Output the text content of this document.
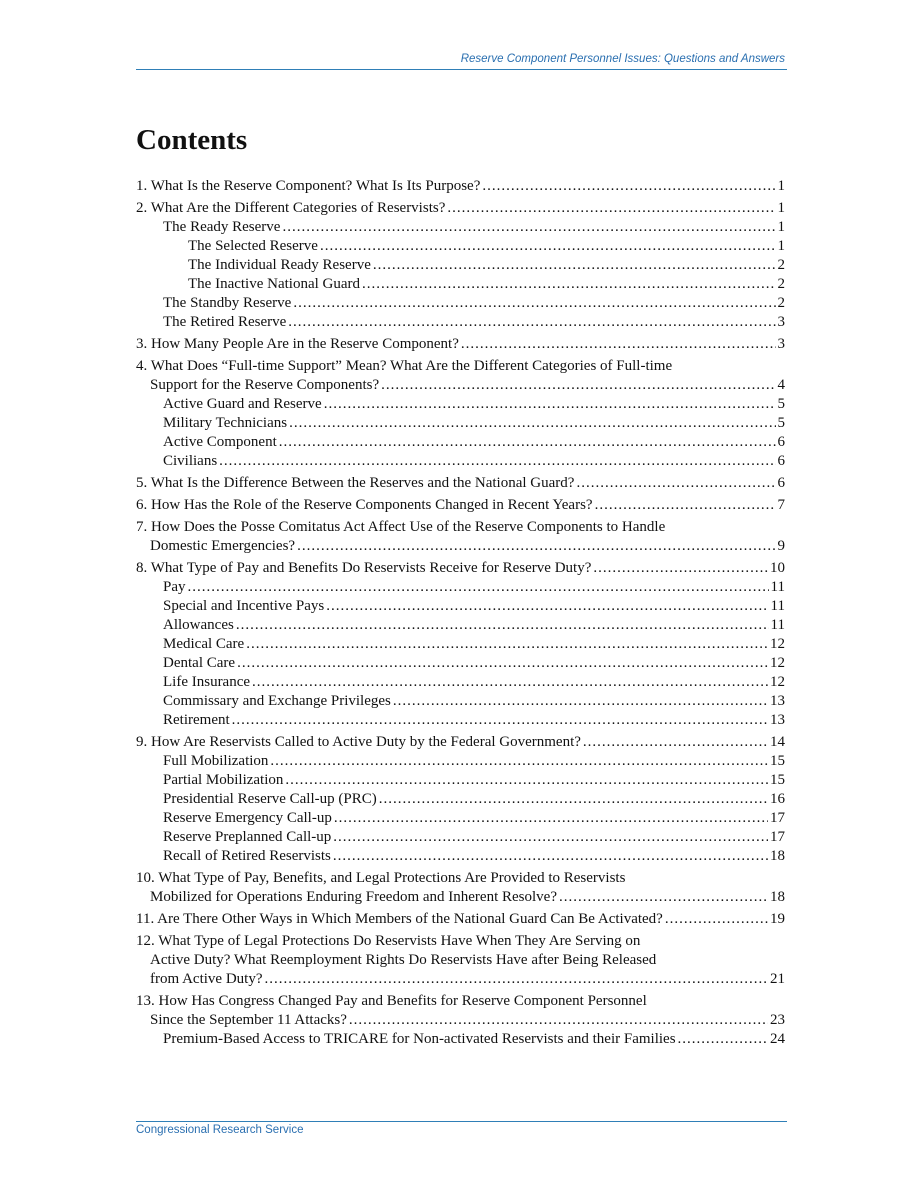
Reserve Component Personnel Issues: Questions and Answers
Contents
1. What Is the Reserve Component? What Is Its Purpose? .....	1
2. What Are the Different Categories of Reservists? .....	1
The Ready Reserve .....	1
The Selected Reserve .....	1
The Individual Ready Reserve .....	2
The Inactive National Guard .....	2
The Standby Reserve .....	2
The Retired Reserve .....	3
3. How Many People Are in the Reserve Component? .....	3
4. What Does “Full-time Support” Mean? What Are the Different Categories of Full-time
Support for the Reserve Components? .....	4
Active Guard and Reserve .....	5
Military Technicians .....	5
Active Component .....	6
Civilians .....	6
5. What Is the Difference Between the Reserves and the National Guard? .....	6
6. How Has the Role of the Reserve Components Changed in Recent Years? .....	7
7. How Does the Posse Comitatus Act Affect Use of the Reserve Components to Handle
Domestic Emergencies? .....	9
8. What Type of Pay and Benefits Do Reservists Receive for Reserve Duty? .....	10
Pay .....	11
Special and Incentive Pays .....	11
Allowances .....	11
Medical Care .....	12
Dental Care .....	12
Life Insurance .....	12
Commissary and Exchange Privileges .....	13
Retirement .....	13
9. How Are Reservists Called to Active Duty by the Federal Government? .....	14
Full Mobilization .....	15
Partial Mobilization .....	15
Presidential Reserve Call-up (PRC) .....	16
Reserve Emergency Call-up .....	17
Reserve Preplanned Call-up .....	17
Recall of Retired Reservists .....	18
10. What Type of Pay, Benefits, and Legal Protections Are Provided to Reservists
Mobilized for Operations Enduring Freedom and Inherent Resolve? .....	18
11. Are There Other Ways in Which Members of the National Guard Can Be Activated? .....	19
12. What Type of Legal Protections Do Reservists Have When They Are Serving on
Active Duty? What Reemployment Rights Do Reservists Have after Being Released
from Active Duty? .....	21
13. How Has Congress Changed Pay and Benefits for Reserve Component Personnel
Since the September 11 Attacks? .....	23
Premium-Based Access to TRICARE for Non-activated Reservists and their Families .....	24
Congressional Research Service
